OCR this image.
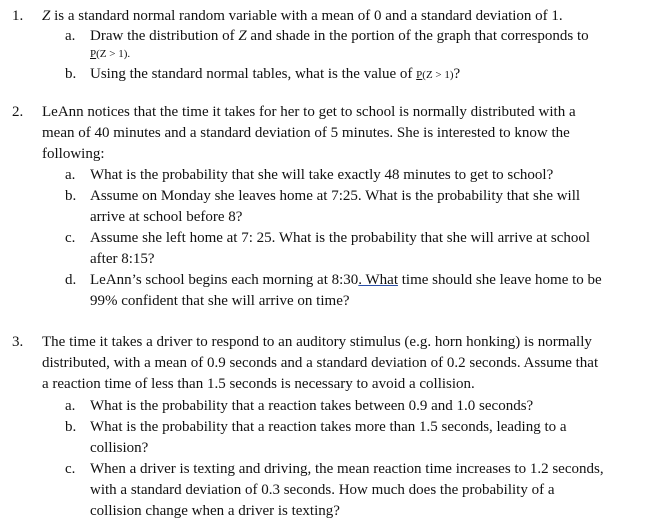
1. Z is a standard normal random variable with a mean of 0 and a standard deviation of 1.
a. Draw the distribution of Z and shade in the portion of the graph that corresponds to
P(Z > 1).
b. Using the standard normal tables, what is the value of P(Z > 1)?
2. LeAnn notices that the time it takes for her to get to school is normally distributed with a
mean of 40 minutes and a standard deviation of 5 minutes. She is interested to know the
following:
a. What is the probability that she will take exactly 48 minutes to get to school?
b. Assume on Monday she leaves home at 7:25. What is the probability that she will
arrive at school before 8?
c. Assume she left home at 7: 25. What is the probability that she will arrive at school
after 8:15?
d. LeAnn’s school begins each morning at 8:30. What time should she leave home to be
99% confident that she will arrive on time?
3. The time it takes a driver to respond to an auditory stimulus (e.g. horn honking) is normally
distributed, with a mean of 0.9 seconds and a standard deviation of 0.2 seconds. Assume that
a reaction time of less than 1.5 seconds is necessary to avoid a collision.
a. What is the probability that a reaction takes between 0.9 and 1.0 seconds?
b. What is the probability that a reaction takes more than 1.5 seconds, leading to a
collision?
c. When a driver is texting and driving, the mean reaction time increases to 1.2 seconds,
with a standard deviation of 0.3 seconds. How much does the probability of a
collision change when a driver is texting?
